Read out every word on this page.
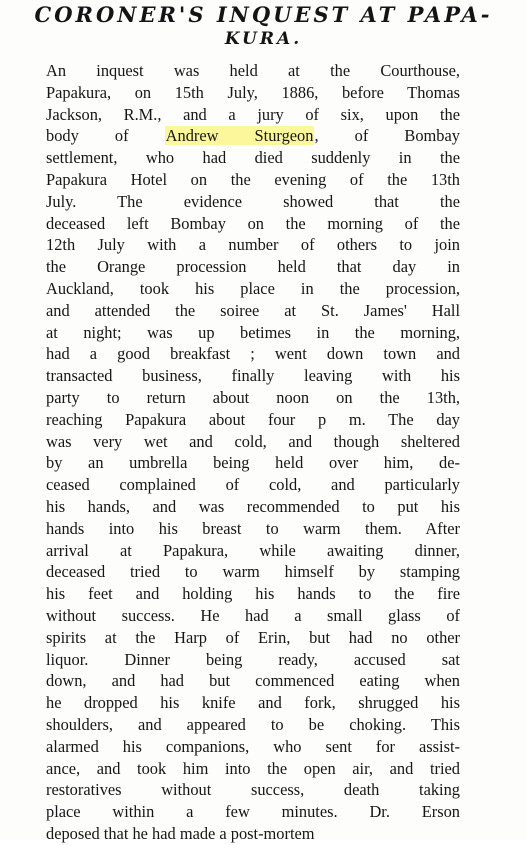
CORONER'S INQUEST AT PAPA-
KURA.
An inquest was held at the Courthouse,
Papakura, on 15th July, 1886, before Thomas
Jackson, R.M., and a jury of six, upon the
body of Andrew Sturgeon, of Bombay
settlement, who had died suddenly in the
Papakura Hotel on the evening of the 13th
July. The evidence showed that the
deceased left Bombay on the morning of the
12th July with a number of others to join
the Orange procession held that day in
Auckland, took his place in the procession,
and attended the soiree at St. James' Hall
at night; was up betimes in the morning,
had a good breakfast ; went down town and
transacted business, finally leaving with his
party to return about noon on the 13th,
reaching Papakura about four p m. The day
was very wet and cold, and though sheltered
by an umbrella being held over him, de-
ceased complained of cold, and particularly
his hands, and was recommended to put his
hands into his breast to warm them. After
arrival at Papakura, while awaiting dinner,
deceased tried to warm himself by stamping
his feet and holding his hands to the fire
without success. He had a small glass of
spirits at the Harp of Erin, but had no other
liquor. Dinner being ready, accused sat
down, and had but commenced eating when
he dropped his knife and fork, shrugged his
shoulders, and appeared to be choking. This
alarmed his companions, who sent for assist-
ance, and took him into the open air, and tried
restoratives without success, death taking
place within a few minutes. Dr. Erson
deposed that he had made a post-mortem
